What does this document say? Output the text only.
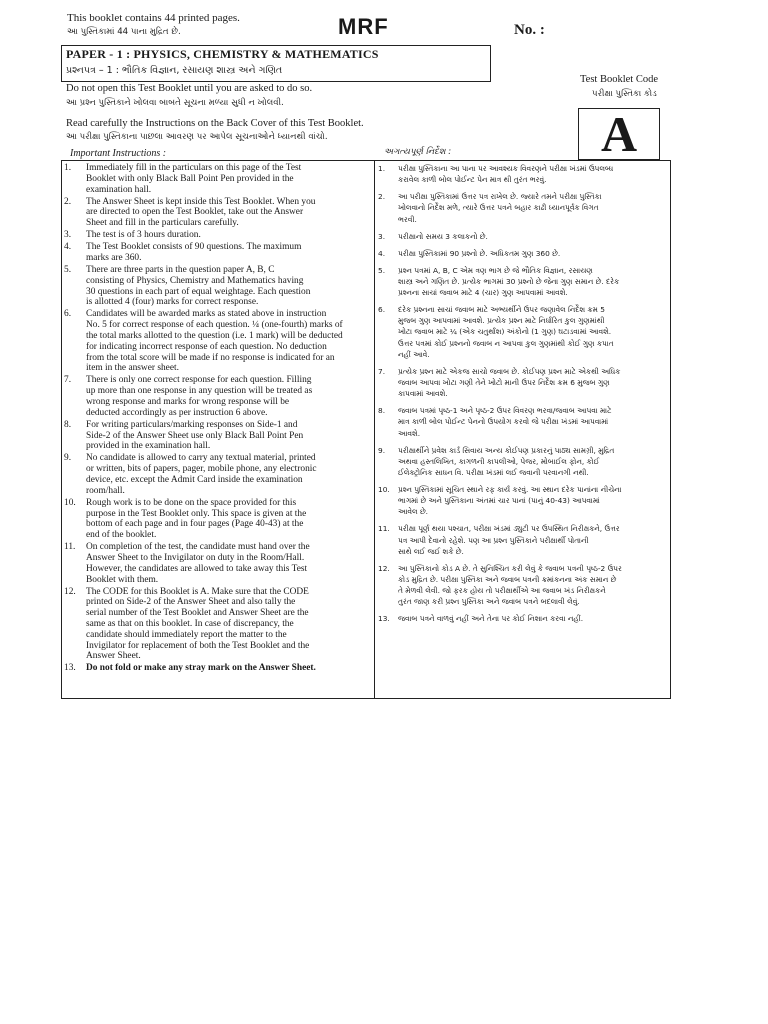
This booklet contains 44 printed pages.
આ પુસ્તિકામાં 44 પાના મુદ્રિત છે.	MRF	No. :
PAPER - 1 : PHYSICS, CHEMISTRY & MATHEMATICS
પ્રશ્નપત્ર – 1 : ભૌતિક વિજ્ઞાન, રસાયણ શાસ્ત્ર અને ગણિત
Do not open this Test Booklet until you are asked to do so.
આ પ્રશ્ન પુસ્તિકાને ખોલવા બાબતે સૂચના મળ્યા સુધી ન ખોલવી.
Read carefully the Instructions on the Back Cover of this Test Booklet.
આ પરીક્ષા પુસ્તિકાના પાછલા આવરણ પર આપેલ સૂચનાઓને ધ્યાનથી વાંચો.
Important Instructions :	અગત્યપૂર્ણ નિર્દેશ :
Test Booklet Code
પરીક્ષા પુસ્તિકા કોડ
A
1. Immediately fill in the particulars on this page of the Test
Booklet with only Black Ball Point Pen provided in the
examination hall.
2. The Answer Sheet is kept inside this Test Booklet. When you
are directed to open the Test Booklet, take out the Answer
Sheet and fill in the particulars carefully.
3. The test is of 3 hours duration.
4. The Test Booklet consists of 90 questions. The maximum
marks are 360.
5. There are three parts in the question paper A, B, C
consisting of Physics, Chemistry and Mathematics having
30 questions in each part of equal weightage. Each question
is allotted 4 (four) marks for correct response.
6. Candidates will be awarded marks as stated above in instruction
No. 5 for correct response of each question. ¼ (one-fourth) marks of
the total marks allotted to the question (i.e. 1 mark) will be deducted
for indicating incorrect response of each question. No deduction
from the total score will be made if no response is indicated for an
item in the answer sheet.
7. There is only one correct response for each question. Filling
up more than one response in any question will be treated as
wrong response and marks for wrong response will be
deducted accordingly as per instruction 6 above.
8. For writing particulars/marking responses on Side-1 and
Side-2 of the Answer Sheet use only Black Ball Point Pen
provided in the examination hall.
9. No candidate is allowed to carry any textual material, printed
or written, bits of papers, pager, mobile phone, any electronic
device, etc. except the Admit Card inside the examination
room/hall.
10. Rough work is to be done on the space provided for this
purpose in the Test Booklet only. This space is given at the
bottom of each page and in four pages (Page 40-43) at the
end of the booklet.
11. On completion of the test, the candidate must hand over the
Answer Sheet to the Invigilator on duty in the Room/Hall.
However, the candidates are allowed to take away this Test
Booklet with them.
12. The CODE for this Booklet is A. Make sure that the CODE
printed on Side-2 of the Answer Sheet and also tally the
serial number of the Test Booklet and Answer Sheet are the
same as that on this booklet. In case of discrepancy, the
candidate should immediately report the matter to the
Invigilator for replacement of both the Test Booklet and the
Answer Sheet.
13. Do not fold or make any stray mark on the Answer Sheet.
1. પરીક્ષા પુસ્તિકાના આ પાના પર આવશ્યક વિવરણને પરીક્ષા ખંડમાં ઉપલબ્ધ
કરાવેલ કાળી બોલ પોઈન્ટ પેન માત્ર થી તુરંત ભરવું.
2. આ પરીક્ષા પુસ્તિકામાં ઉત્તર પત્ર રાખેલ છે. જ્યારે તમને પરીક્ષા પુસ્તિકા
ખોલવાનો નિર્દેશ મળે, ત્યારે ઉત્તર પત્રને બહાર કાઢી ધ્યાનપૂર્વક વિગત
ભરવી.
3. પરીક્ષાનો સમય 3 કલાકનો છે.
4. પરીક્ષા પુસ્તિકામાં 90 પ્રશ્નો છે. અધિકતમ ગુણ 360 છે.
5. પ્રશ્ન પત્રમાં A, B, C એમ ત્રણ ભાગ છે જે ભૌતિક વિજ્ઞાન, રસાયણ
શાસ્ત્ર અને ગણિત છે. પ્રત્યેક ભાગમાં 30 પ્રશ્નો છે જેના ગુણ સમાન છે. દરેક
પ્રશ્નના સાચાં જવાબ માટે 4 (ચાર) ગુણ આપવામાં આવશે.
6. દરેક પ્રશ્નના સાચાં જવાબ માટે અભ્યર્થીને ઉપર જણાવેલ નિર્દેશ ક્રમ 5
મુજબ ગુણ આપવામાં આવશે. પ્રત્યેક પ્રશ્ન માટે નિર્ધારિત કુલ ગુણમાંથી
ખોટા જવાબ માટે ¼ (એક ચતુર્થાંશ) અંકોનો (1 ગુણ) ઘટાડવામાં આવશે.
ઉત્તર પત્રમાં કોઈ પ્રશ્નનો જવાબ ન આપવા કુલ ગુણમાંથી કોઈ ગુણ કપાત
નહીં આવે.
7. પ્રત્યેક પ્રશ્ન માટે એકજ સાચો જવાબ છે. કોઈપણ પ્રશ્ન માટે એકથી અધિક
જવાબ આપવા ખોટા ગણી તેને ખોટો માની ઉપર નિર્દેશ ક્રમ 6 મુજબ ગુણ
કાપવામાં આવશે.
8. જવાબ પત્રમાં પૃષ્ઠ-1 અને પૃષ્ઠ-2 ઉપર વિવરણ ભરવા/જવાબ આપવા માટે
માત્ર કાળી બોલ પોઈન્ટ પેનનો ઉપયોગ કરવો જે પરીક્ષા ખંડમાં આપવામાં
આવશે.
9. પરીક્ષાર્થીને પ્રવેશ કાર્ડ સિવાય અન્ય કોઈપણ પ્રકારનું પાઠ્ય સામગ્રી, મુદ્રિત
અથવા હસ્તલિખિત, કાગળની કાપલીઓ, પેજર, મોબાઈલ ફોન, કોઈ
ઈલેક્ટ્રોનિક સાધન વિ. પરીક્ષા ખંડમાં લઈ જવાની પરવાનગી નથી.
10. પ્રશ્ન પુસ્તિકામાં સૂચિત સ્થાને રફ કાર્ય કરવું. આ સ્થાન દરેક પાનાંના નીચેના
ભાગમાં છે અને પુસ્તિકાના અંતમાં ચાર પાનાં (પાનું 40-43) આપવામાં
આવેલ છે.
11. પરીક્ષા પૂર્ણ થયા પશ્ચાત, પરીક્ષા ખંડમાં ડ્યુટી પર ઉપસ્થિત નિરીક્ષકને, ઉત્તર
પત્ર આપી દેવાનો રહેશે. પણ આ પ્રશ્ન પુસ્તિકાને પરીક્ષાર્થી પોતાની
સાથે લઈ જઈ શકે છે.
12. આ પુસ્તિકાનો કોડ A છે. તે સુનિશ્ચિત કરી લેવું કે જવાબ પત્રની પૃષ્ઠ-2 ઉપર
કોડ મુદ્રિત છે. પરીક્ષા પુસ્તિકા અને જવાબ પત્રની ક્રમાંકનના અંક સમાન છે
તે મેળવી લેવી. જો ફરક હોય તો પરીક્ષાર્થીએ આ જવાબ ખંડ નિરીક્ષકને
તુરંત જાણ કરી પ્રશ્ન પુસ્તિકા અને જવાબ પત્રને બદલાવી લેવું.
13. જવાબ પત્રને વાળવું નહીં અને તેના પર કોઈ નિશાન કરવા નહીં.
